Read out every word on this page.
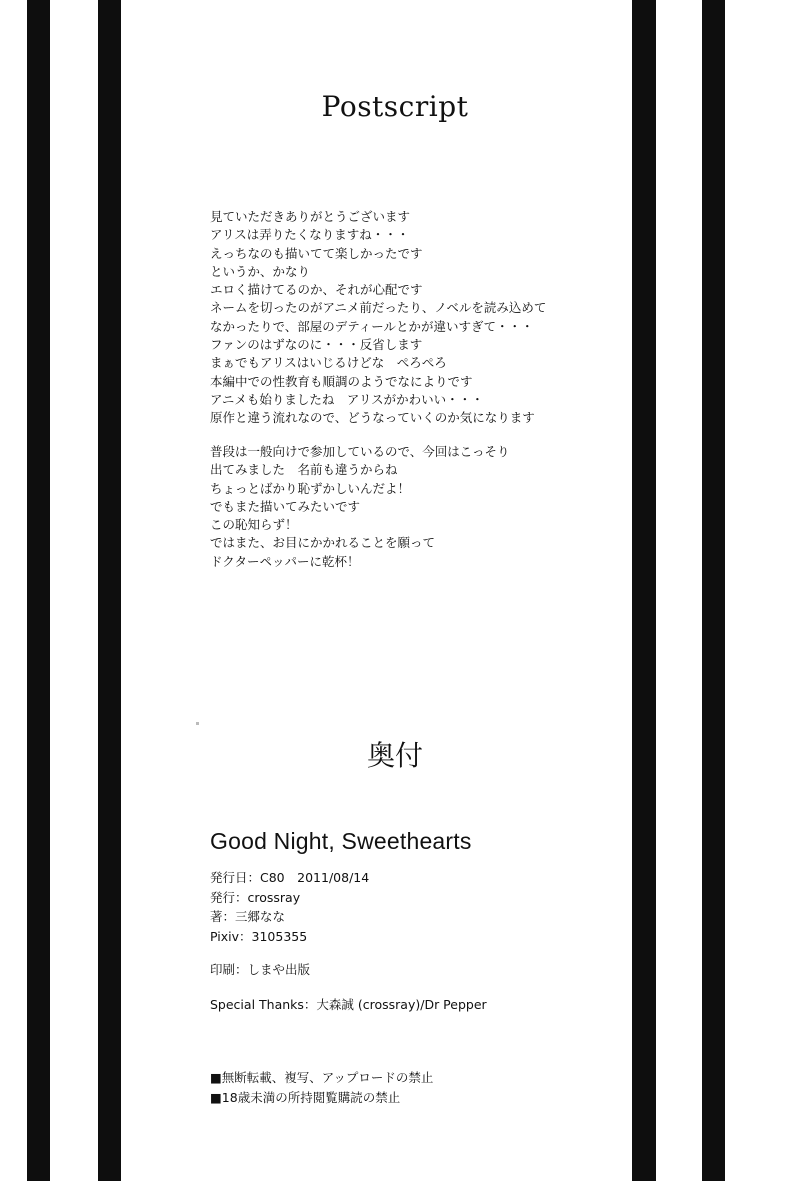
Postscript
見ていただきありがとうございます
アリスは弄りたくなりますね・・・
えっちなのも描いてて楽しかったです
というか、かなり
エロく描けてるのか、それが心配です
ネームを切ったのがアニメ前だったり、ノベルを読み込めて
なかったりで、部屋のデティールとかが違いすぎて・・・
ファンのはずなのに・・・反省します
まぁでもアリスはいじるけどな　ぺろぺろ
本編中での性教育も順調のようでなによりです
アニメも始りましたね　アリスがかわいい・・・
原作と違う流れなので、どうなっていくのか気になります
普段は一般向けで参加しているので、今回はこっそり
出てみました　名前も違うからね
ちょっとばかり恥ずかしいんだよ！
でもまた描いてみたいです
この恥知らず！
ではまた、お目にかかれることを願って
ドクターペッパーに乾杯！
奥付
Good Night, Sweethearts
発行日：C80　2011/08/14
発行：crossray
著：三郷なな
Pixiv：3105355
印刷：しまや出版
Special Thanks：大森誠 (crossray)/Dr Pepper
■無断転載、複写、アップロードの禁止
■18歳未満の所持閲覧購読の禁止
